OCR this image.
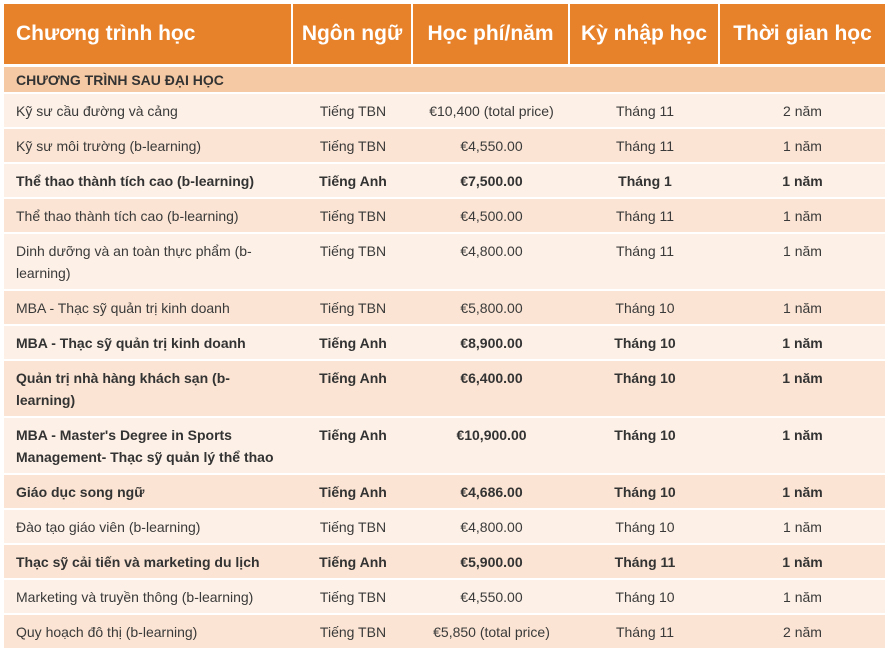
Chương trình học	Ngôn ngữ	Học phí/năm	Kỳ nhập học	Thời gian học
CHƯƠNG TRÌNH SAU ĐẠI HỌC				
Kỹ sư cầu đường và cảng	Tiếng TBN	€10,400 (total price)	Tháng 11	2 năm
Kỹ sư môi trường (b-learning)	Tiếng TBN	€4,550.00	Tháng 11	1 năm
Thể thao thành tích cao (b-learning)	Tiếng Anh	€7,500.00	Tháng 1	1 năm
Thể thao thành tích cao (b-learning)	Tiếng TBN	€4,500.00	Tháng 11	1 năm
Dinh dưỡng và an toàn thực phẩm (b-learning)	Tiếng TBN	€4,800.00	Tháng 11	1 năm
MBA - Thạc sỹ quản trị kinh doanh	Tiếng TBN	€5,800.00	Tháng 10	1 năm
MBA - Thạc sỹ quản trị kinh doanh	Tiếng Anh	€8,900.00	Tháng 10	1 năm
Quản trị nhà hàng khách sạn (b-learning)	Tiếng Anh	€6,400.00	Tháng 10	1 năm
MBA - Master's Degree in Sports Management- Thạc sỹ quản lý thể thao	Tiếng Anh	€10,900.00	Tháng 10	1 năm
Giáo dục song ngữ	Tiếng Anh	€4,686.00	Tháng 10	1 năm
Đào tạo giáo viên (b-learning)	Tiếng TBN	€4,800.00	Tháng 10	1 năm
Thạc sỹ cải tiến và marketing du lịch	Tiếng Anh	€5,900.00	Tháng 11	1 năm
Marketing và truyền thông (b-learning)	Tiếng TBN	€4,550.00	Tháng 10	1 năm
Quy hoạch đô thị (b-learning)	Tiếng TBN	€5,850 (total price)	Tháng 11	2 năm
